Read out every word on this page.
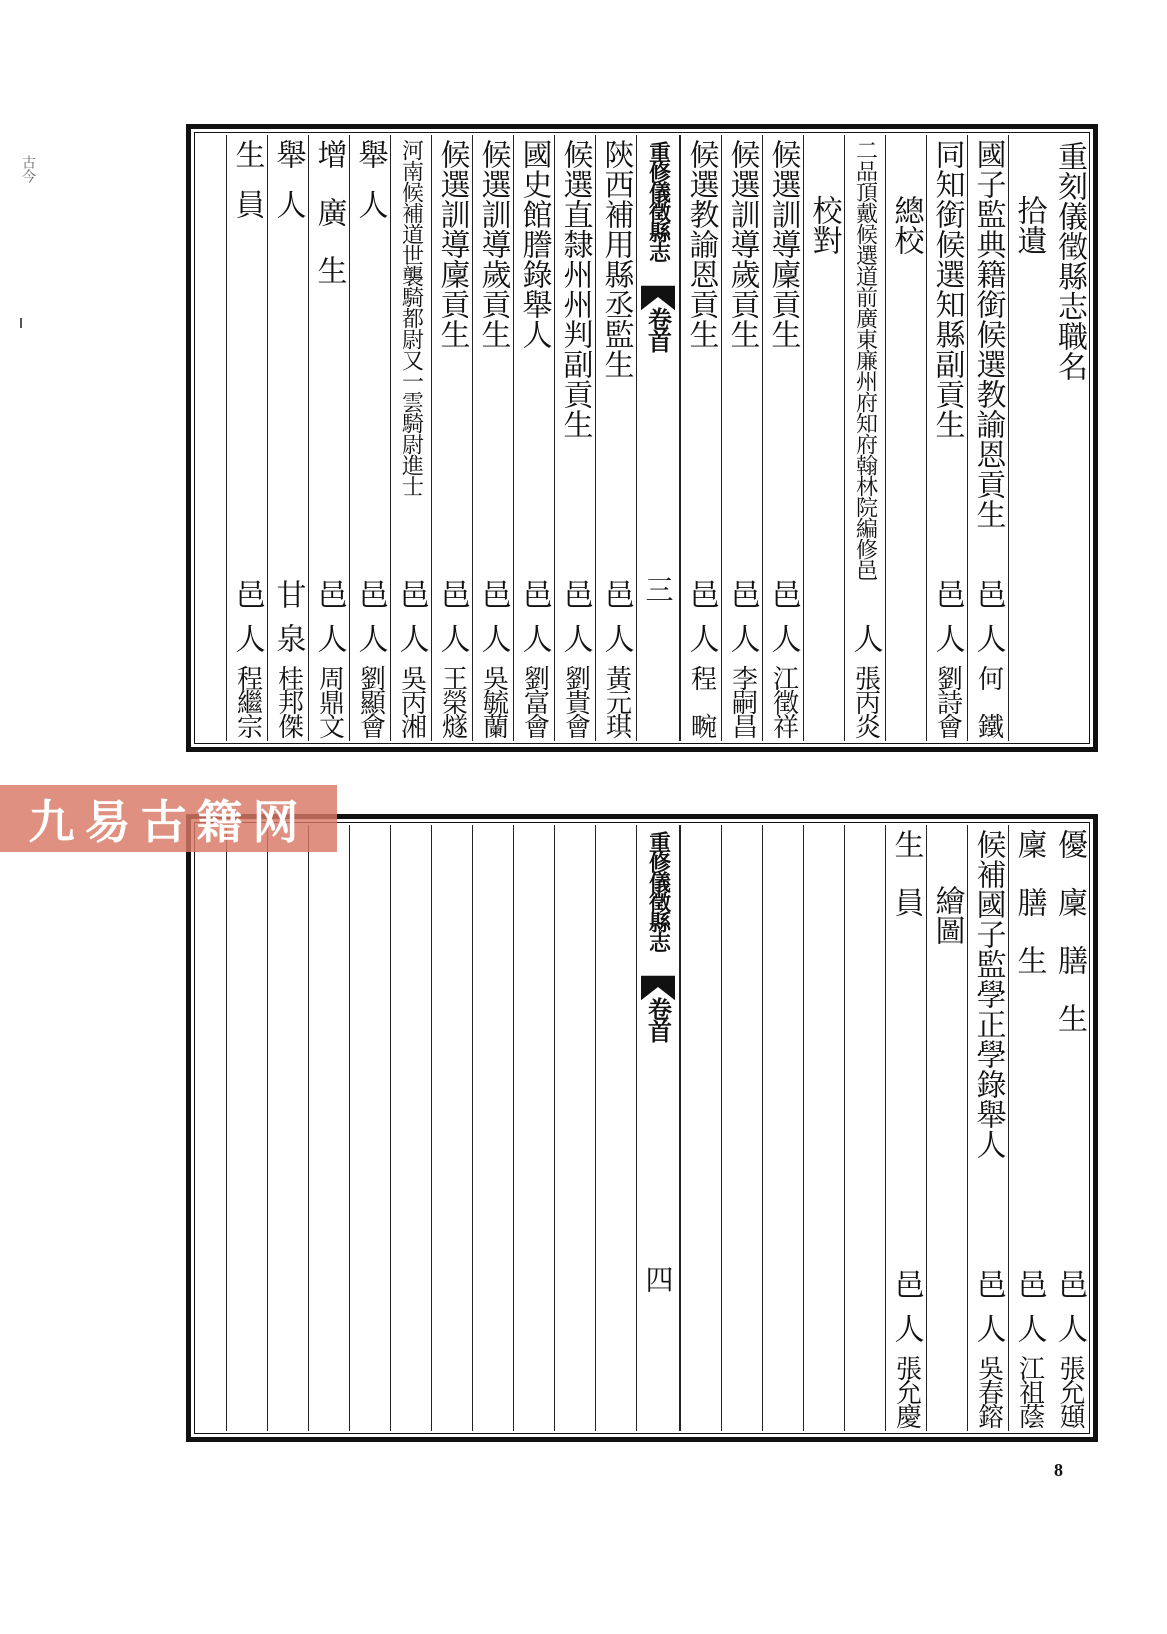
古今	重刻儀徵縣志職名
拾遺
國子監典籍銜候選教諭恩貢生
邑
人
何　鐵
同知銜候選知縣副貢生
邑
人
劉詩會
總校
二品頂戴候選道前廣東廉州府知府翰林院編修邑
人
張丙炎
校對
候選訓導廩貢生
邑
人
江徵祥
候選訓導歲貢生
邑
人
李嗣昌
候選教諭恩貢生
邑
人
程　畹
重修儀徵縣志
卷首
三
陝西補用縣丞監生
邑
人
黃元琪
候選直隸州州判副貢生
邑
人
劉貴會
國史館謄錄舉人
邑
人
劉富會
候選訓導歲貢生
邑
人
吳毓蘭
候選訓導廩貢生
邑
人
王榮燧
河南候補道世襲騎都尉又一雲騎尉進士
邑
人
吳丙湘
舉人
邑
人
劉顯會
增廣生
邑
人
周鼎文
舉人
甘
泉
桂邦傑
生員
邑
人
程繼宗
優廩膳生
邑
人
張允頲
廩膳生
邑
人
江祖蔭
候補國子監學正學錄舉人
邑
人
吳春鎔
繪圖
生員
邑
人
張允慶
重修儀徵縣志
卷首
四
九易古籍网
8
